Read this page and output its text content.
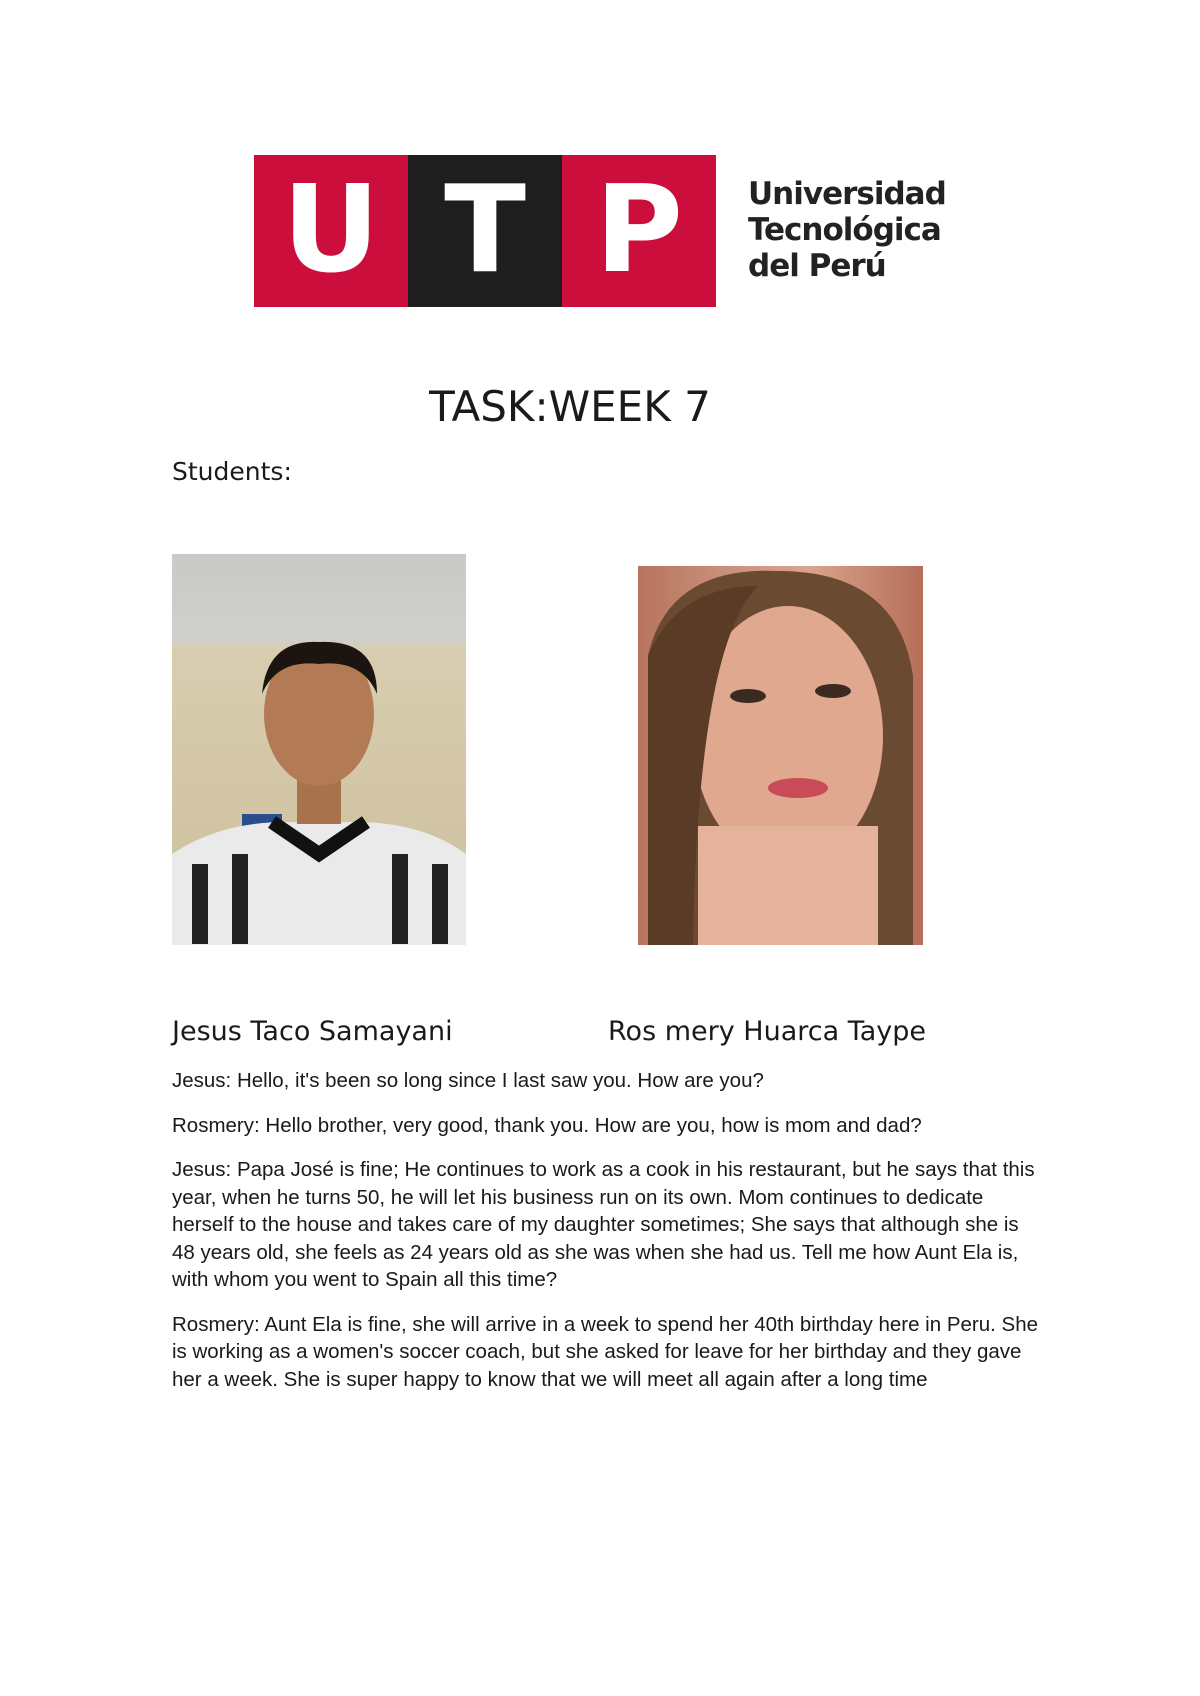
U T P	Universidad
Tecnológica
del Perú
TASK:WEEK 7
Students:
Jesus Taco Samayani	Ros mery Huarca Taype

Jesus: Hello, it's been so long since I last saw you. How are you?

Rosmery: Hello brother, very good, thank you. How are you, how is mom and dad?

Jesus: Papa José is fine; He continues to work as a cook in his restaurant, but he says that this year, when he turns 50, he will let his business run on its own. Mom continues to dedicate herself to the house and takes care of my daughter sometimes; She says that although she is 48 years old, she feels as 24 years old as she was when she had us. Tell me how Aunt Ela is, with whom you went to Spain all this time?

Rosmery: Aunt Ela is fine, she will arrive in a week to spend her 40th birthday here in Peru. She is working as a women's soccer coach, but she asked for leave for her birthday and they gave her a week. She is super happy to know that we will meet all again after a long time
